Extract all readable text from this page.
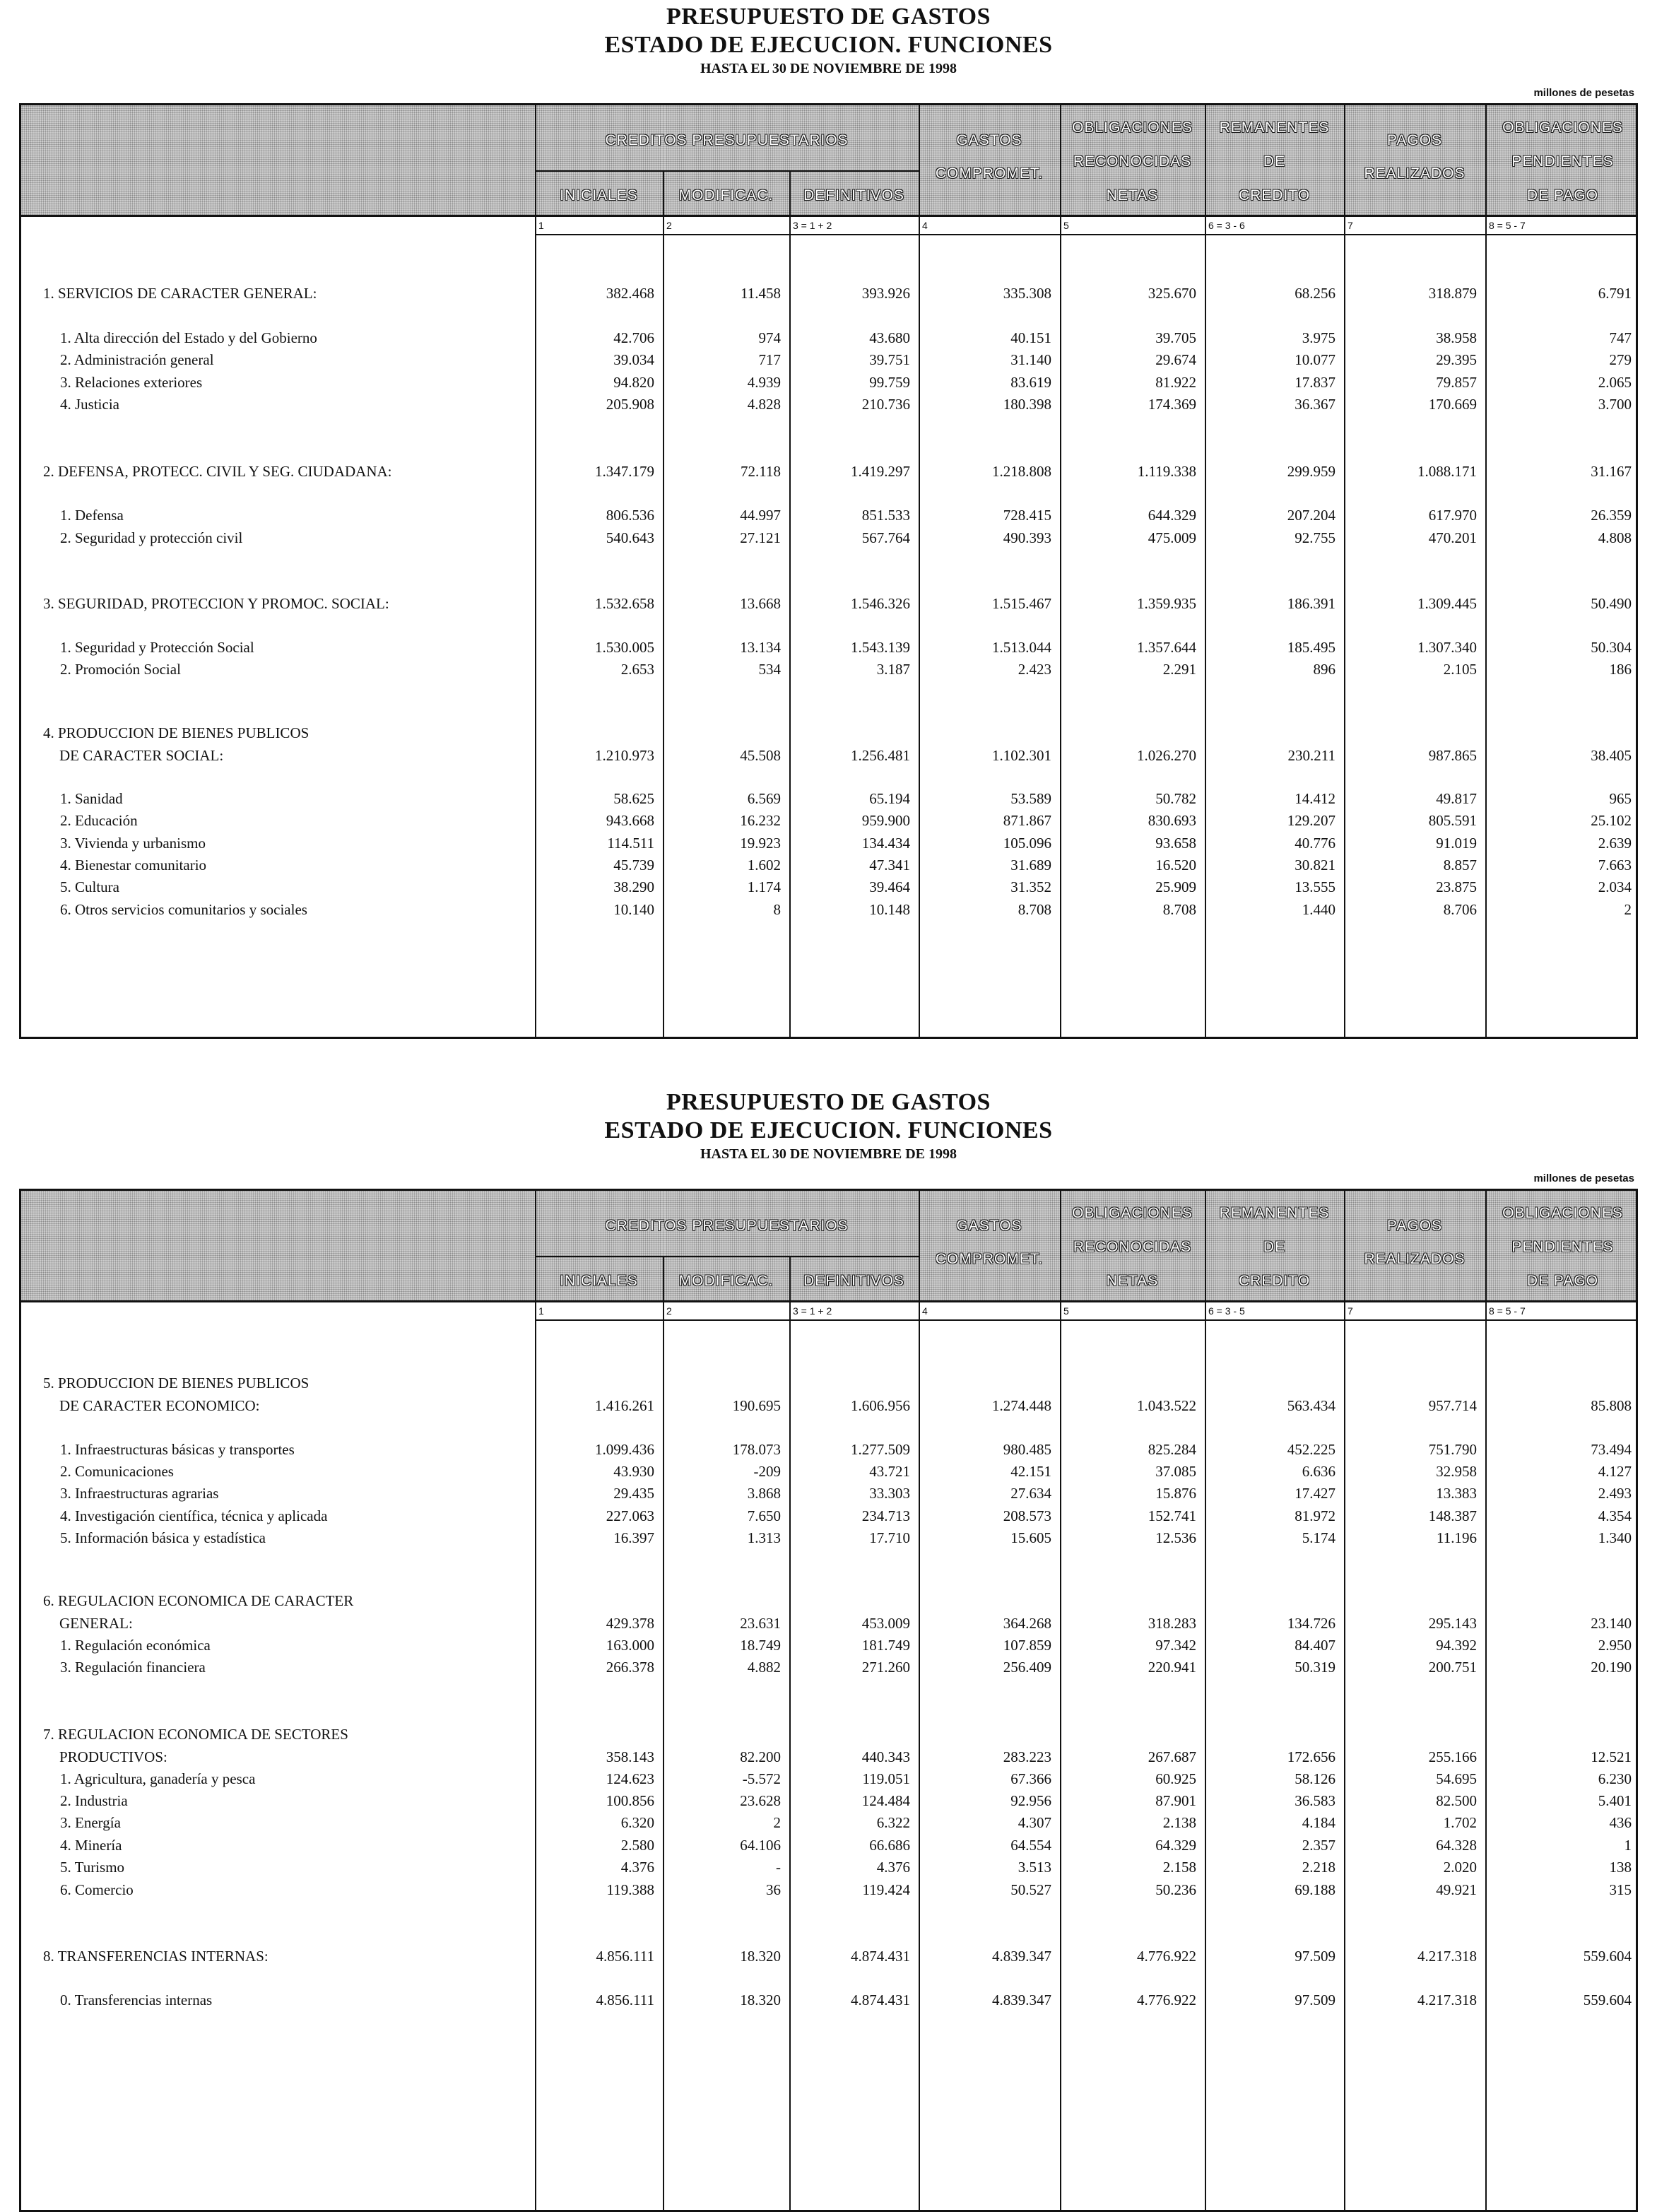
PRESUPUESTO DE GASTOS
ESTADO DE EJECUCION. FUNCIONES
HASTA EL 30 DE NOVIEMBRE DE 1998
millones de pesetas
CREDITOS PRESUPUESTARIOS
INICIALES	MODIFICAC.	DEFINITIVOS
GASTOS
COMPROMET.
OBLIGACIONES
RECONOCIDAS
NETAS
REMANENTES
DE
CREDITO
PAGOS
REALIZADOS
OBLIGACIONES
PENDIENTES
DE PAGO
1	2	3 = 1 + 2	4	5	6 = 3 - 6	7	8 = 5 - 7
1. SERVICIOS DE CARACTER GENERAL:	382.468	11.458	393.926	335.308	325.670	68.256	318.879	6.791
1. Alta dirección del Estado y del Gobierno	42.706	974	43.680	40.151	39.705	3.975	38.958	747
2. Administración general	39.034	717	39.751	31.140	29.674	10.077	29.395	279
3. Relaciones exteriores	94.820	4.939	99.759	83.619	81.922	17.837	79.857	2.065
4. Justicia	205.908	4.828	210.736	180.398	174.369	36.367	170.669	3.700
2. DEFENSA, PROTECC. CIVIL Y SEG. CIUDADANA:	1.347.179	72.118	1.419.297	1.218.808	1.119.338	299.959	1.088.171	31.167
1. Defensa	806.536	44.997	851.533	728.415	644.329	207.204	617.970	26.359
2. Seguridad y protección civil	540.643	27.121	567.764	490.393	475.009	92.755	470.201	4.808
3. SEGURIDAD, PROTECCION Y PROMOC. SOCIAL:	1.532.658	13.668	1.546.326	1.515.467	1.359.935	186.391	1.309.445	50.490
1. Seguridad y Protección Social	1.530.005	13.134	1.543.139	1.513.044	1.357.644	185.495	1.307.340	50.304
2. Promoción Social	2.653	534	3.187	2.423	2.291	896	2.105	186
4. PRODUCCION DE BIENES PUBLICOS
DE CARACTER SOCIAL:	1.210.973	45.508	1.256.481	1.102.301	1.026.270	230.211	987.865	38.405
1. Sanidad	58.625	6.569	65.194	53.589	50.782	14.412	49.817	965
2. Educación	943.668	16.232	959.900	871.867	830.693	129.207	805.591	25.102
3. Vivienda y urbanismo	114.511	19.923	134.434	105.096	93.658	40.776	91.019	2.639
4. Bienestar comunitario	45.739	1.602	47.341	31.689	16.520	30.821	8.857	7.663
5. Cultura	38.290	1.174	39.464	31.352	25.909	13.555	23.875	2.034
6. Otros servicios comunitarios y sociales	10.140	8	10.148	8.708	8.708	1.440	8.706	2
PRESUPUESTO DE GASTOS
ESTADO DE EJECUCION. FUNCIONES
HASTA EL 30 DE NOVIEMBRE DE 1998
millones de pesetas
CREDITOS PRESUPUESTARIOS
INICIALES	MODIFICAC.	DEFINITIVOS
GASTOS
COMPROMET.
OBLIGACIONES
RECONOCIDAS
NETAS
REMANENTES
DE
CREDITO
PAGOS
REALIZADOS
OBLIGACIONES
PENDIENTES
DE PAGO
1	2	3 = 1 + 2	4	5	6 = 3 - 5	7	8 = 5 - 7
5. PRODUCCION DE BIENES PUBLICOS
DE CARACTER ECONOMICO:	1.416.261	190.695	1.606.956	1.274.448	1.043.522	563.434	957.714	85.808
1. Infraestructuras básicas y transportes	1.099.436	178.073	1.277.509	980.485	825.284	452.225	751.790	73.494
2. Comunicaciones	43.930	-209	43.721	42.151	37.085	6.636	32.958	4.127
3. Infraestructuras agrarias	29.435	3.868	33.303	27.634	15.876	17.427	13.383	2.493
4. Investigación científica, técnica y aplicada	227.063	7.650	234.713	208.573	152.741	81.972	148.387	4.354
5. Información básica y estadística	16.397	1.313	17.710	15.605	12.536	5.174	11.196	1.340
6. REGULACION ECONOMICA DE CARACTER
GENERAL:	429.378	23.631	453.009	364.268	318.283	134.726	295.143	23.140
1. Regulación económica	163.000	18.749	181.749	107.859	97.342	84.407	94.392	2.950
3. Regulación financiera	266.378	4.882	271.260	256.409	220.941	50.319	200.751	20.190
7. REGULACION ECONOMICA DE SECTORES
PRODUCTIVOS:	358.143	82.200	440.343	283.223	267.687	172.656	255.166	12.521
1. Agricultura, ganadería y pesca	124.623	-5.572	119.051	67.366	60.925	58.126	54.695	6.230
2. Industria	100.856	23.628	124.484	92.956	87.901	36.583	82.500	5.401
3. Energía	6.320	2	6.322	4.307	2.138	4.184	1.702	436
4. Minería	2.580	64.106	66.686	64.554	64.329	2.357	64.328	1
5. Turismo	4.376	-	4.376	3.513	2.158	2.218	2.020	138
6. Comercio	119.388	36	119.424	50.527	50.236	69.188	49.921	315
8. TRANSFERENCIAS INTERNAS:	4.856.111	18.320	4.874.431	4.839.347	4.776.922	97.509	4.217.318	559.604
0. Transferencias internas	4.856.111	18.320	4.874.431	4.839.347	4.776.922	97.509	4.217.318	559.604
